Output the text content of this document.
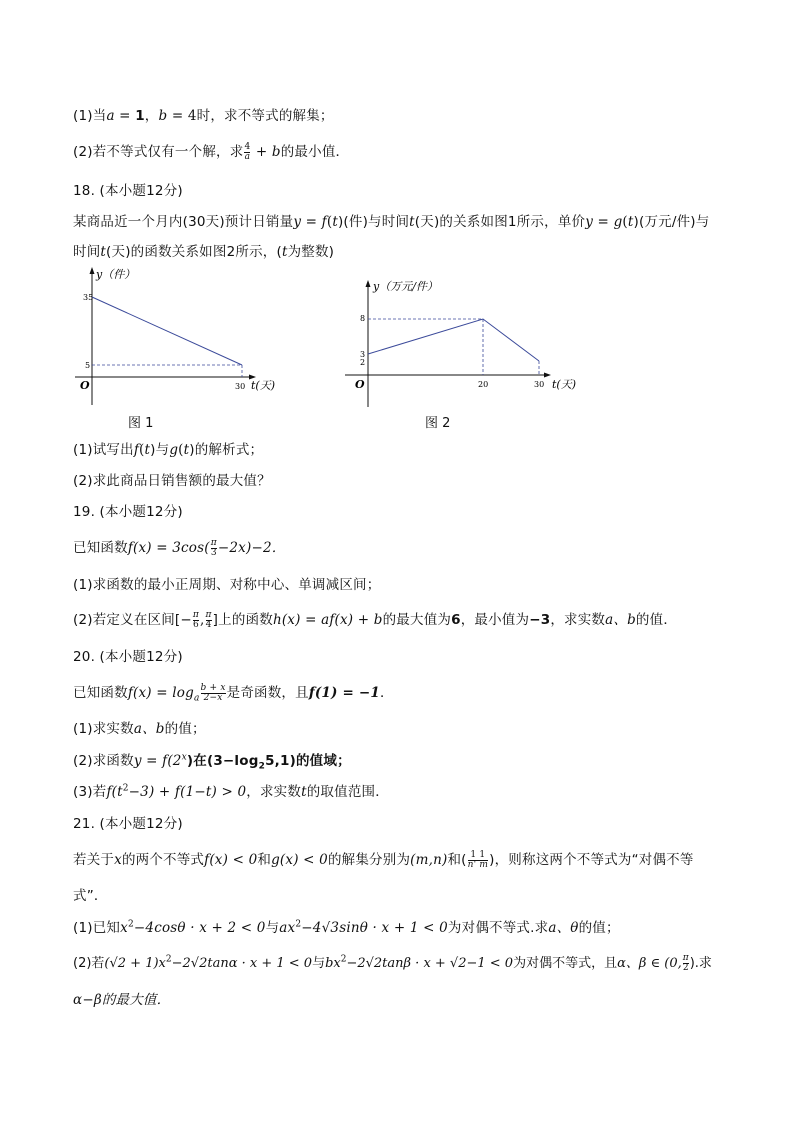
(1)当a = 1，b = 4时，求不等式的解集；
(2)若不等式仅有一个解，求 $\frac{4}{a} + b$的最小值．
18. (本小题12分)
某商品近一个月内(30天)预计日销量y = f(t)(件)与时间t(天)的关系如图1所示，单价y = g(t)(万元/件)与
时间t(天)的函数关系如图2所示，(t为整数)
y（件）
35
5
30
O	t(天)
图 1
y（万元/件）
8
3
2
20	30
O	t(天)
图 2
(1)试写出f(t)与g(t)的解析式；
(2)求此商品日销售额的最大值？
19. (本小题12分)
已知函数$f(x) = 3\cos( \frac{\pi}{3} -2x)-2$．
(1)求函数的最小正周期、对称中心、单调减区间；
(2)若定义在区间[− $\frac{\pi}{6}$ , $\frac{\pi}{4}$ ]上的函数h(x) = af(x) + b的最大值为6，最小值为−3，求实数a、b的值．
20. (本小题12分)
已知函数$f(x) = \log_a \frac{b + x}{2-x}$ 是奇函数，且f(1) = −1．
(1)求实数a、b的值；
(2)求函数$y = f(2^x)$在$(3-\log_25,1)$的值域；
(3)若$f(t^2-3) + f(1-t) > 0$，求实数t的取值范围．
21. (本小题12分)
若关于x的两个不等式f(x) < 0和g(x) < 0的解集分别为(m,n)和( $\frac{1 1}{n' m}$ )，则称这两个不等式为“对偶不等
式”．
(1)已知$x^2-4\cos\theta \cdot x + 2 < 0$与$ax^2-4√3\sin\theta \cdot x + 1 < 0$为对偶不等式.求a、θ的值；
(2)若$(√2 + 1)x^2-2√2\tan\alpha \cdot x + 1 < 0$与$bx^2-2√2\tan\beta \cdot x + √2-1 < 0$为对偶不等式，且α、β ∈ (0, $\frac{\pi}{2}$ ).求
α−β的最大值．
